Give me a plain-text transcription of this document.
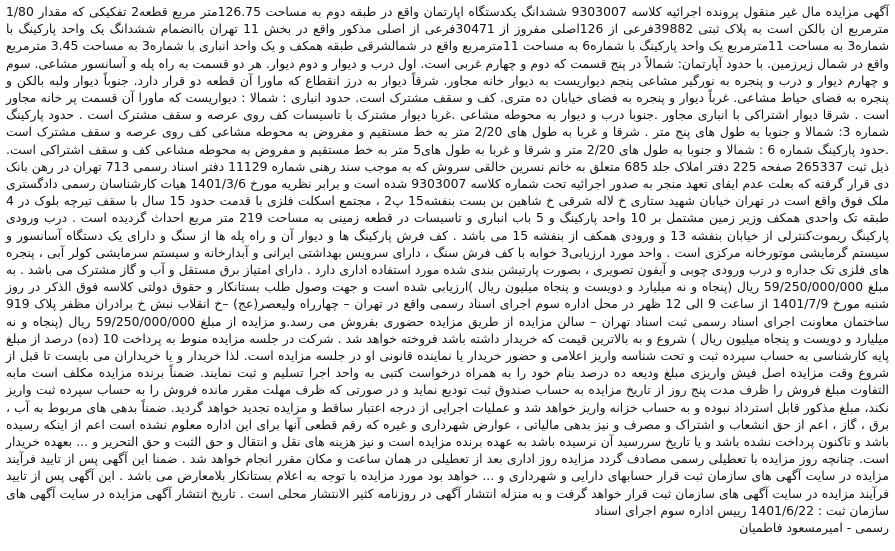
آگهی مزایده مال غیر منقول پرونده اجرائیه کلاسه 9303007 ششدانگ یکدستگاه اپارتمان واقع در طبقه دوم به مساحت 126.75متر مربع قطعه2 تفکیکی که مقدار 1/80 مترمربع ان بالکن است به پلاک ثبتی 39882فرعی از 126اصلی مفروز از 30471فرعی از اصلی مذکور واقع در بخش 11 تهران باانضمام ششدانگ یک واحد پارکینگ با شماره3 به مساحت 11مترمربع یک واحد پارکینگ با شماره6 به مساحت 11مترمربع واقع در شمالشرقی طبقه همکف و یک واحد انباری با شماره3 به مساحت 3.45 مترمربع واقع در شمال زیرزمین. با حدود آپارتمان: شمالاً در پنج قسمت که دوم و چهارم غربی است. اول درب و دیوار و دوم دیوار. هر دو قسمت به راه پله و آسانسور مشاعی. سوم و چهارم دیوار و درب و پنجره به نورگیر مشاعی پنجم دیواریست به دیوار خانه مجاور. شرقاً دیوار به درز انقطاع که ماورا آن قطعه دو قرار دارد. جنوباً دیوار ولبه بالکن و پنجره به فضای حیاط مشاعی. غرباً دیوار و پنجره به فضای خیابان ده متری. کف و سقف مشترک است. حدود انباری : شمالا : دیواریست که ماورا آن قسمت پر خانه مجاور است . شرقا دیوار اشتراکی با انباری مجاور .جنوبا درب و دیوار به محوطه مشاعی .غربا دیوار مشترک با تاسیسات کف روی عرصه و سقف مشترک است . حدود پارکینگ شماره 3: شمالا و جنوبا به طول های پنج متر . شرقا و غربا به طول های 2/20 متر به خط مستقیم و مفروض به محوطه مشاعی کف روی عرصه و سقف مشترک است .حدود پارکینگ شماره 6 : شمالا و جنوبا به طول های 2/20 متر و شرقا و غربا به طول های5 متر به خط مستقیم و مفروض به محوطه مشاعی کف و سقف اشتراکی است. ذیل ثبت 265337 صفحه 225 دفتر املاک جلد 685 متعلق به خانم نسرین خالقی سروش که به موجب سند رهنی شماره 11129 دفتر اسناد رسمی 713 تهران در رهن بانک دی قرار گرفته که بعلت عدم ایفای تعهد منجر به صدور اجرائیه تحت شماره کلاسه 9303007 شده است و برابر نظریه مورخ 1401/3/6 هیات کارشناسان رسمی دادگستری ملک فوق واقع است در تهران خیابان شهید ستاری خ لاله شرقی خ شاهین بن بست بنفشه15 پ2 ، مجتمع اسکلت فلزی با قدمت حدود 15 سال با سقف تیرچه بلوک در 4 طبقه تک واحدی همکف وزیر زمین مشتمل بر 10 واحد پارکینگ و 5 باب انباری و تاسیسات در قطعه زمینی به مساحت 219 متر مربع احداث گردیده است . درب ورودی پارکینگ ریموت‌کنترلی از خیابان بنفشه 13 و ورودی همکف از بنفشه 15 می باشد . کف فرش پارکینگ ها و دیوار آن و راه پله ها از سنگ و دارای یک دستگاه آسانسور و سیستم گرمایشی موتورخانه مرکزی است . واحد مورد ارزیابی3 خوابه با کف فرش سنگ ، دارای سرویس بهداشتی ایرانی و آبدارخانه و سیستم سرمایشی کولر آبی ، پنجره های فلزی تک جداره و درب ورودی چوبی و آیفون تصویری ، بصورت پارتیشن بندی شده مورد استفاده اداری دارد . دارای امتیاز برق مستقل و آب و گاز مشترک می باشد . به مبلغ 59/250/000/000 ریال (پنجاه و نه میلیارد و دویست و پنجاه میلیون ریال )ارزیابی شده است و جهت وصول طلب بستانکار و حقوق دولتی کلاسه فوق الذکر در روز شنبه مورخ 1401/7/9 از ساعت 9 الی 12 ظهر در محل اداره سوم اجرای اسناد رسمی واقع در تهران – چهارراه ولیعصر(عج) –خ انقلاب نبش خ برادران مظفر پلاک 919 ساختمان معاونت اجرای اسناد رسمی ثبت اسناد تهران – سالن مزایده از طریق مزایده حضوری بفروش می رسد.و مزایده از مبلغ 59/250/000/000 ریال (پنجاه و نه میلیارد و دویست و پنجاه میلیون ریال ) شروع و به بالاترین قیمت که خریدار داشته باشد فروخته خواهد شد . شرکت در جلسه مزایده منوط به پرداخت 10 (ده) درصد از مبلغ پایه کارشناسی به حساب سپرده ثبت و تحت شناسه واریز اعلامی و حضور خریدار یا نماینده قانونی او در جلسه مزایده است. لذا خریدار و یا خریداران می بایست تا قبل از شروع وقت مزایده اصل فیش واریزی مبلغ ودیعه ده درصد بنام خود را به همراه درخواست کتبی به واحد اجرا تسلیم و ثبت نمایند. ضمناً برنده مزایده مکلف است مابه التفاوت مبلغ فروش را ظرف مدت پنج روز از تاریخ مزایده به حساب صندوق ثبت تودیع نماید و در صورتی که ظرف مهلت مقرر مانده فروش را به حساب سپرده ثبت واریز نکند، مبلغ مذکور قابل استرداد نبوده و به حساب خزانه واریز خواهد شد و عملیات اجرایی از درجه اعتبار ساقط و مزایده تجدید خواهد گردید. ضمناً بدهی های مربوط به آب ، برق ، گاز ، اعم از حق انشعاب و اشتراک و مصرف و نیز بدهی مالیاتی ، عوارض شهرداری و غیره که رقم قطعی آنها برای این اداره معلوم نشده است اعم از اینکه رسیده باشد و تاکنون پرداخت نشده باشد و یا تاریخ سررسید آن نرسیده باشد به عهده برنده مزایده است و نیز هزینه های نقل و انتقال و حق الثبت و حق التحریر و ... بعهده خریدار است. چنانچه روز مزایده با تعطیلی رسمی مصادف گردد مزایده روز اداری بعد از تعطیلی در همان ساعت و مکان مقرر انجام خواهد شد . ضمنا این آگهی پس از تایید فرآیند مزایده در سایت آگهی های سازمان ثبت قرار حسابهای دارایی و شهرداری و ... خواهد بود مورد مزایده با توجه به اعلام بستانکار بلامعارض می باشد . این آگهی پس از تایید فرآیند مزایده در سایت آگهی های سازمان ثبت قرار خواهد گرفت و به منزله انتشار آگهی در روزنامه کثیر الانتشار محلی است . تاریخ انتشار آگهی مزایده در سایت آگهی های سازمان ثبت : 1401/6/22 رییس اداره سوم اجرای اسناد

رسمی - امیرمسعود فاطمیان
